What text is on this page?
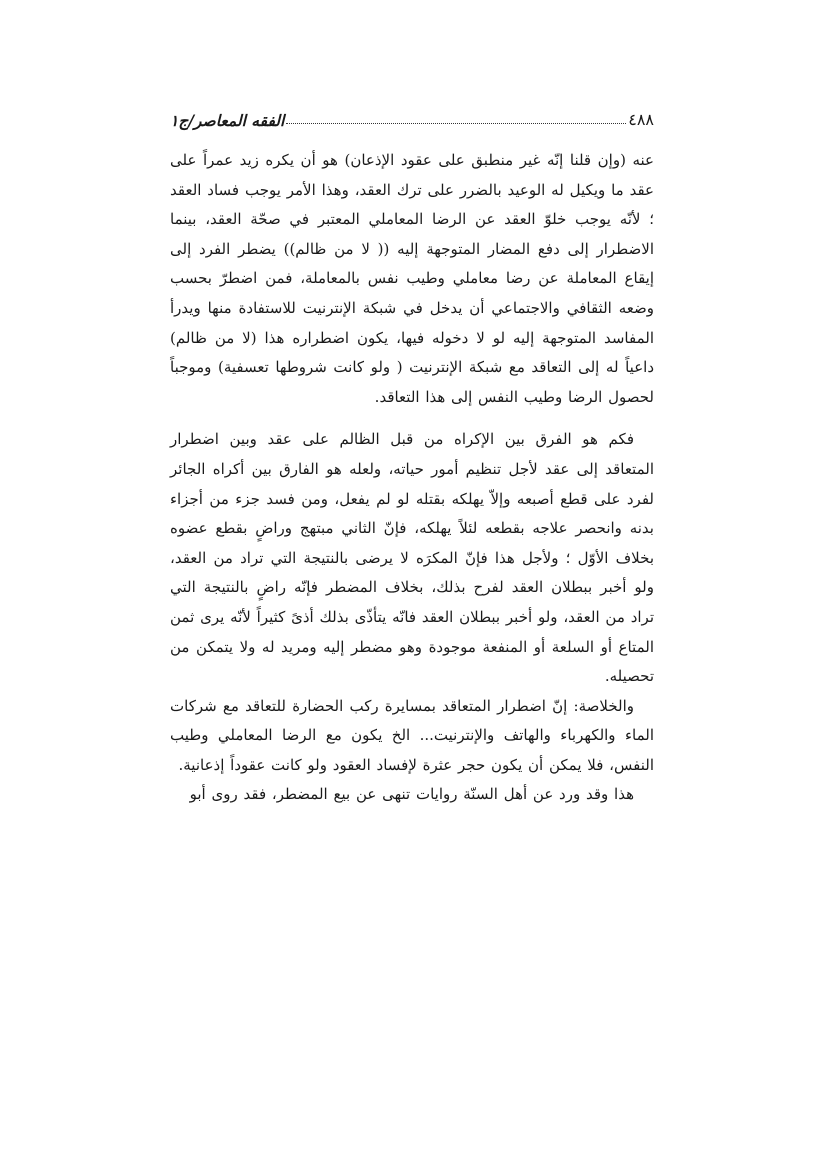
٤٨٨
الفقه المعاصر/ج١

عنه (وإن قلنا إنّه غير منطبق على عقود الإذعان) هو أن يكره زيد عمراً على عقد ما ويكيل له الوعيد بالضرر على ترك العقد، وهذا الأمر يوجب فساد العقد ؛ لأنّه يوجب خلوّ العقد عن الرضا المعاملي المعتبر في صحّة العقد، بينما الاضطرار إلى دفع المضار المتوجهة إليه (( لا من ظالم)) يضطر الفرد إلى إيقاع المعاملة عن رضا معاملي وطيب نفس بالمعاملة، فمن اضطرّ بحسب وضعه الثقافي والاجتماعي أن يدخل في شبكة الإنترنيت للاستفادة منها ويدرأ المفاسد المتوجهة إليه لو لا دخوله فيها، يكون اضطراره هذا (لا من ظالم) داعياً له إلى التعاقد مع شبكة الإنترنيت ( ولو كانت شروطها تعسفية) وموجباً لحصول الرضا وطيب النفس إلى هذا التعاقد.

فكم هو الفرق بين الإكراه من قبل الظالم على عقد وبين اضطرار المتعاقد إلى عقد لأجل تنظيم أمور حياته، ولعله هو الفارق بين أكراه الجائر لفرد على قطع أصبعه وإلاّ يهلكه بقتله لو لم يفعل، ومن فسد جزء من أجزاء بدنه وانحصر علاجه بقطعه لئلاً يهلكه، فإنّ الثاني مبتهج وراضٍ بقطع عضوه بخلاف الأوّل ؛ ولأجل هذا فإنّ المكرَه لا يرضى بالنتيجة التي تراد من العقد، ولو أخبر ببطلان العقد لفرح بذلك، بخلاف المضطر فإنّه راضٍ بالنتيجة التي تراد من العقد، ولو أخبر ببطلان العقد فانّه يتأذّى بذلك أذىً كثيراً لأنّه يرى ثمن المتاع أو السلعة أو المنفعة موجودة وهو مضطر إليه ومريد له ولا يتمكن من تحصيله.

والخلاصة: إنّ اضطرار المتعاقد بمسايرة ركب الحضارة للتعاقد مع شركات الماء والكهرباء والهاتف والإنترنيت... الخ يكون مع الرضا المعاملي وطيب النفس، فلا يمكن أن يكون حجر عثرة لإفساد العقود ولو كانت عقوداً إذعانية.

هذا وقد ورد عن أهل السنّة روايات تنهى عن بيع المضطر، فقد روى أبو
